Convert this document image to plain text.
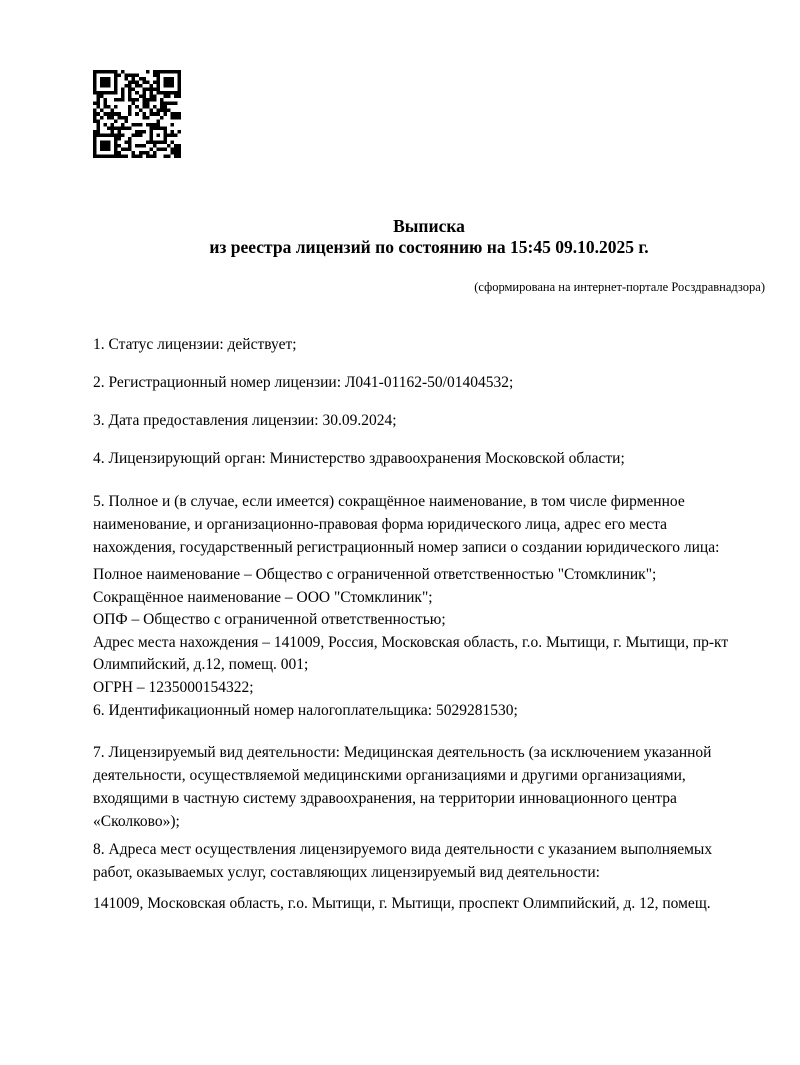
Выписка
из реестра лицензий по состоянию на 15:45 09.10.2025 г.
(сформирована на интернет-портале Росздравнадзора)
1. Статус лицензии: действует;
2. Регистрационный номер лицензии: Л041-01162-50/01404532;
3. Дата предоставления лицензии: 30.09.2024;
4. Лицензирующий орган: Министерство здравоохранения Московской области;
5. Полное и (в случае, если имеется) сокращённое наименование, в том числе фирменное
наименование, и организационно-правовая форма юридического лица, адрес его места
нахождения, государственный регистрационный номер записи о создании юридического лица:
Полное наименование – Общество с ограниченной ответственностью "Стомклиник";
Сокращённое наименование – ООО "Стомклиник";
ОПФ – Общество с ограниченной ответственностью;
Адрес места нахождения – 141009, Россия, Московская область, г.о. Мытищи, г. Мытищи, пр-кт
Олимпийский, д.12, помещ. 001;
ОГРН – 1235000154322;
6. Идентификационный номер налогоплательщика: 5029281530;
7. Лицензируемый вид деятельности: Медицинская деятельность (за исключением указанной
деятельности, осуществляемой медицинскими организациями и другими организациями,
входящими в частную систему здравоохранения, на территории инновационного центра
«Сколково»);
8. Адреса мест осуществления лицензируемого вида деятельности с указанием выполняемых
работ, оказываемых услуг, составляющих лицензируемый вид деятельности:
141009, Московская область, г.о. Мытищи, г. Мытищи, проспект Олимпийский, д. 12, помещ.
